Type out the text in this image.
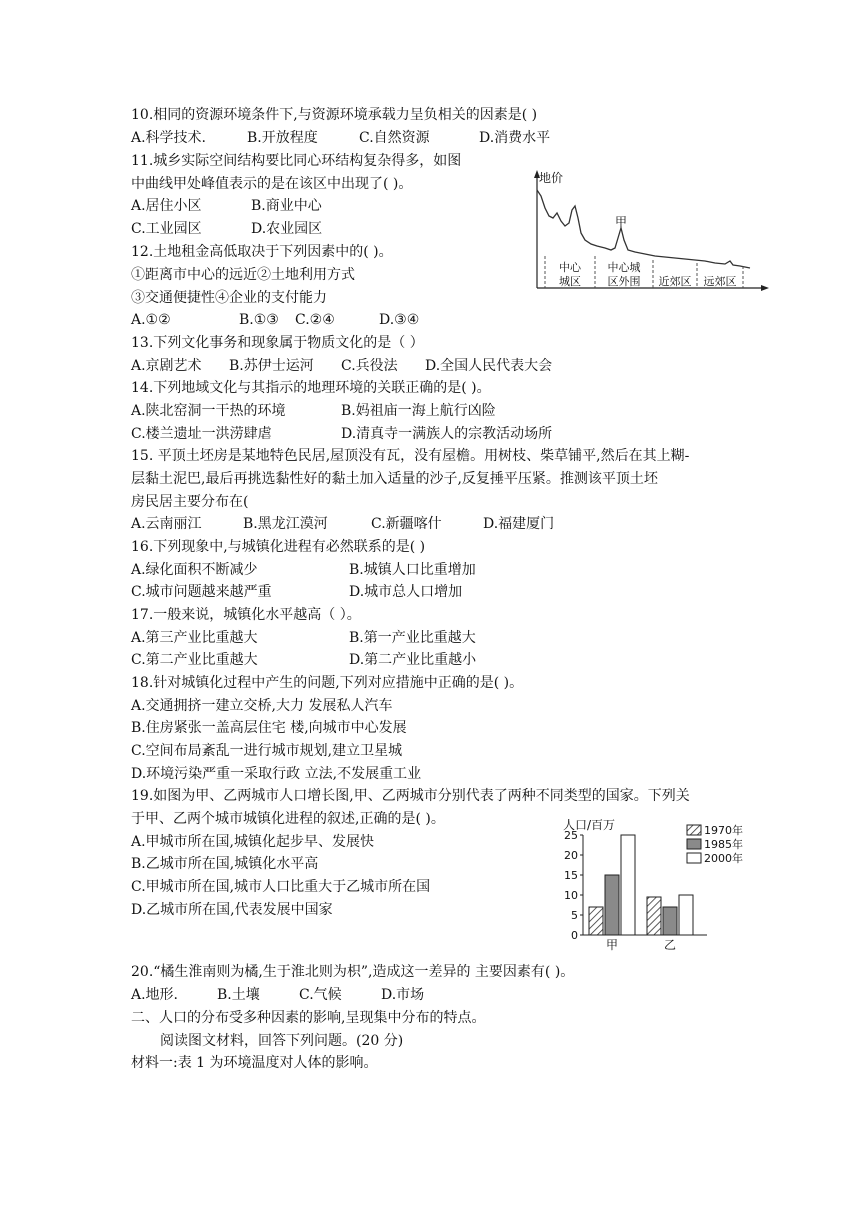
10.相同的资源环境条件下,与资源环境承载力呈负相关的因素是( )
A.科学技术.	B.开放程度	C.自然资源	D.消费水平
11.城乡实际空间结构要比同心环结构复杂得多，如图
中曲线甲处峰值表示的是在该区中出现了( )。
A.居住小区	B.商业中心
C.工业园区	D.农业园区
地价
甲
中心城区
中心城区外围 近郊区 远郊区
12.土地租金高低取决于下列因素中的( )。
①距离市中心的远近②土地利用方式
③交通便捷性④企业的支付能力
A.①②	B.①③ C.②④	D.③④
13.下列文化事务和现象属于物质文化的是（ ）
A.京剧艺术 B.苏伊士运河 C.兵役法 D.全国人民代表大会
14.下列地域文化与其指示的地理环境的关联正确的是( )。
A.陕北窑洞一干热的环境	B.妈祖庙一海上航行凶险
C.楼兰遗址一洪涝肆虐	D.清真寺一满族人的宗教活动场所
15. 平顶土坯房是某地特色民居,屋顶没有瓦，没有屋檐。用树枝、柴草铺平,然后在其上糊-
层黏土泥巴,最后再挑选黏性好的黏土加入适量的沙子,反复捶平压紧。推测该平顶土坯
房民居主要分布在(
A.云南丽江	B.黑龙江漠河	C.新疆喀什	D.福建厦门
16.下列现象中,与城镇化进程有必然联系的是( )
A.绿化面积不断减少	B.城镇人口比重增加
C.城市问题越来越严重	D.城市总人口增加
17.一般来说，城镇化水平越高（ ）。
A.第三产业比重越大	B.第一产业比重越大
C.第二产业比重越大	D.第二产业比重越小
18.针对城镇化过程中产生的问题,下列对应措施中正确的是( )。
A.交通拥挤一建立交桥,大力 发展私人汽车
B.住房紧张一盖高层住宅 楼,向城市中心发展
C.空间布局紊乱一进行城市规划,建立卫星城
D.环境污染严重一采取行政 立法,不发展重工业
19.如图为甲、乙两城市人口增长图,甲、乙两城市分别代表了两种不同类型的国家。下列关
于甲、乙两个城市城镇化进程的叙述,正确的是( )。
A.甲城市所在国,城镇化起步早、发展快
B.乙城市所在国,城镇化水平高
C.甲城市所在国,城市人口比重大于乙城市所在国
D.乙城市所在国,代表发展中国家
人口/百万
0
5
10
15
20
25
甲	乙
1970年
1985年
2000年
20.“橘生淮南则为橘,生于淮北则为枳”,造成这一差异的 主要因素有( )。
A.地形.	B.土壤	C.气候	D.市场
二、人口的分布受多种因素的影响,呈现集中分布的特点。
阅读图文材料，回答下列问题。(20 分)
材料一:表 1 为环境温度对人体的影响。
